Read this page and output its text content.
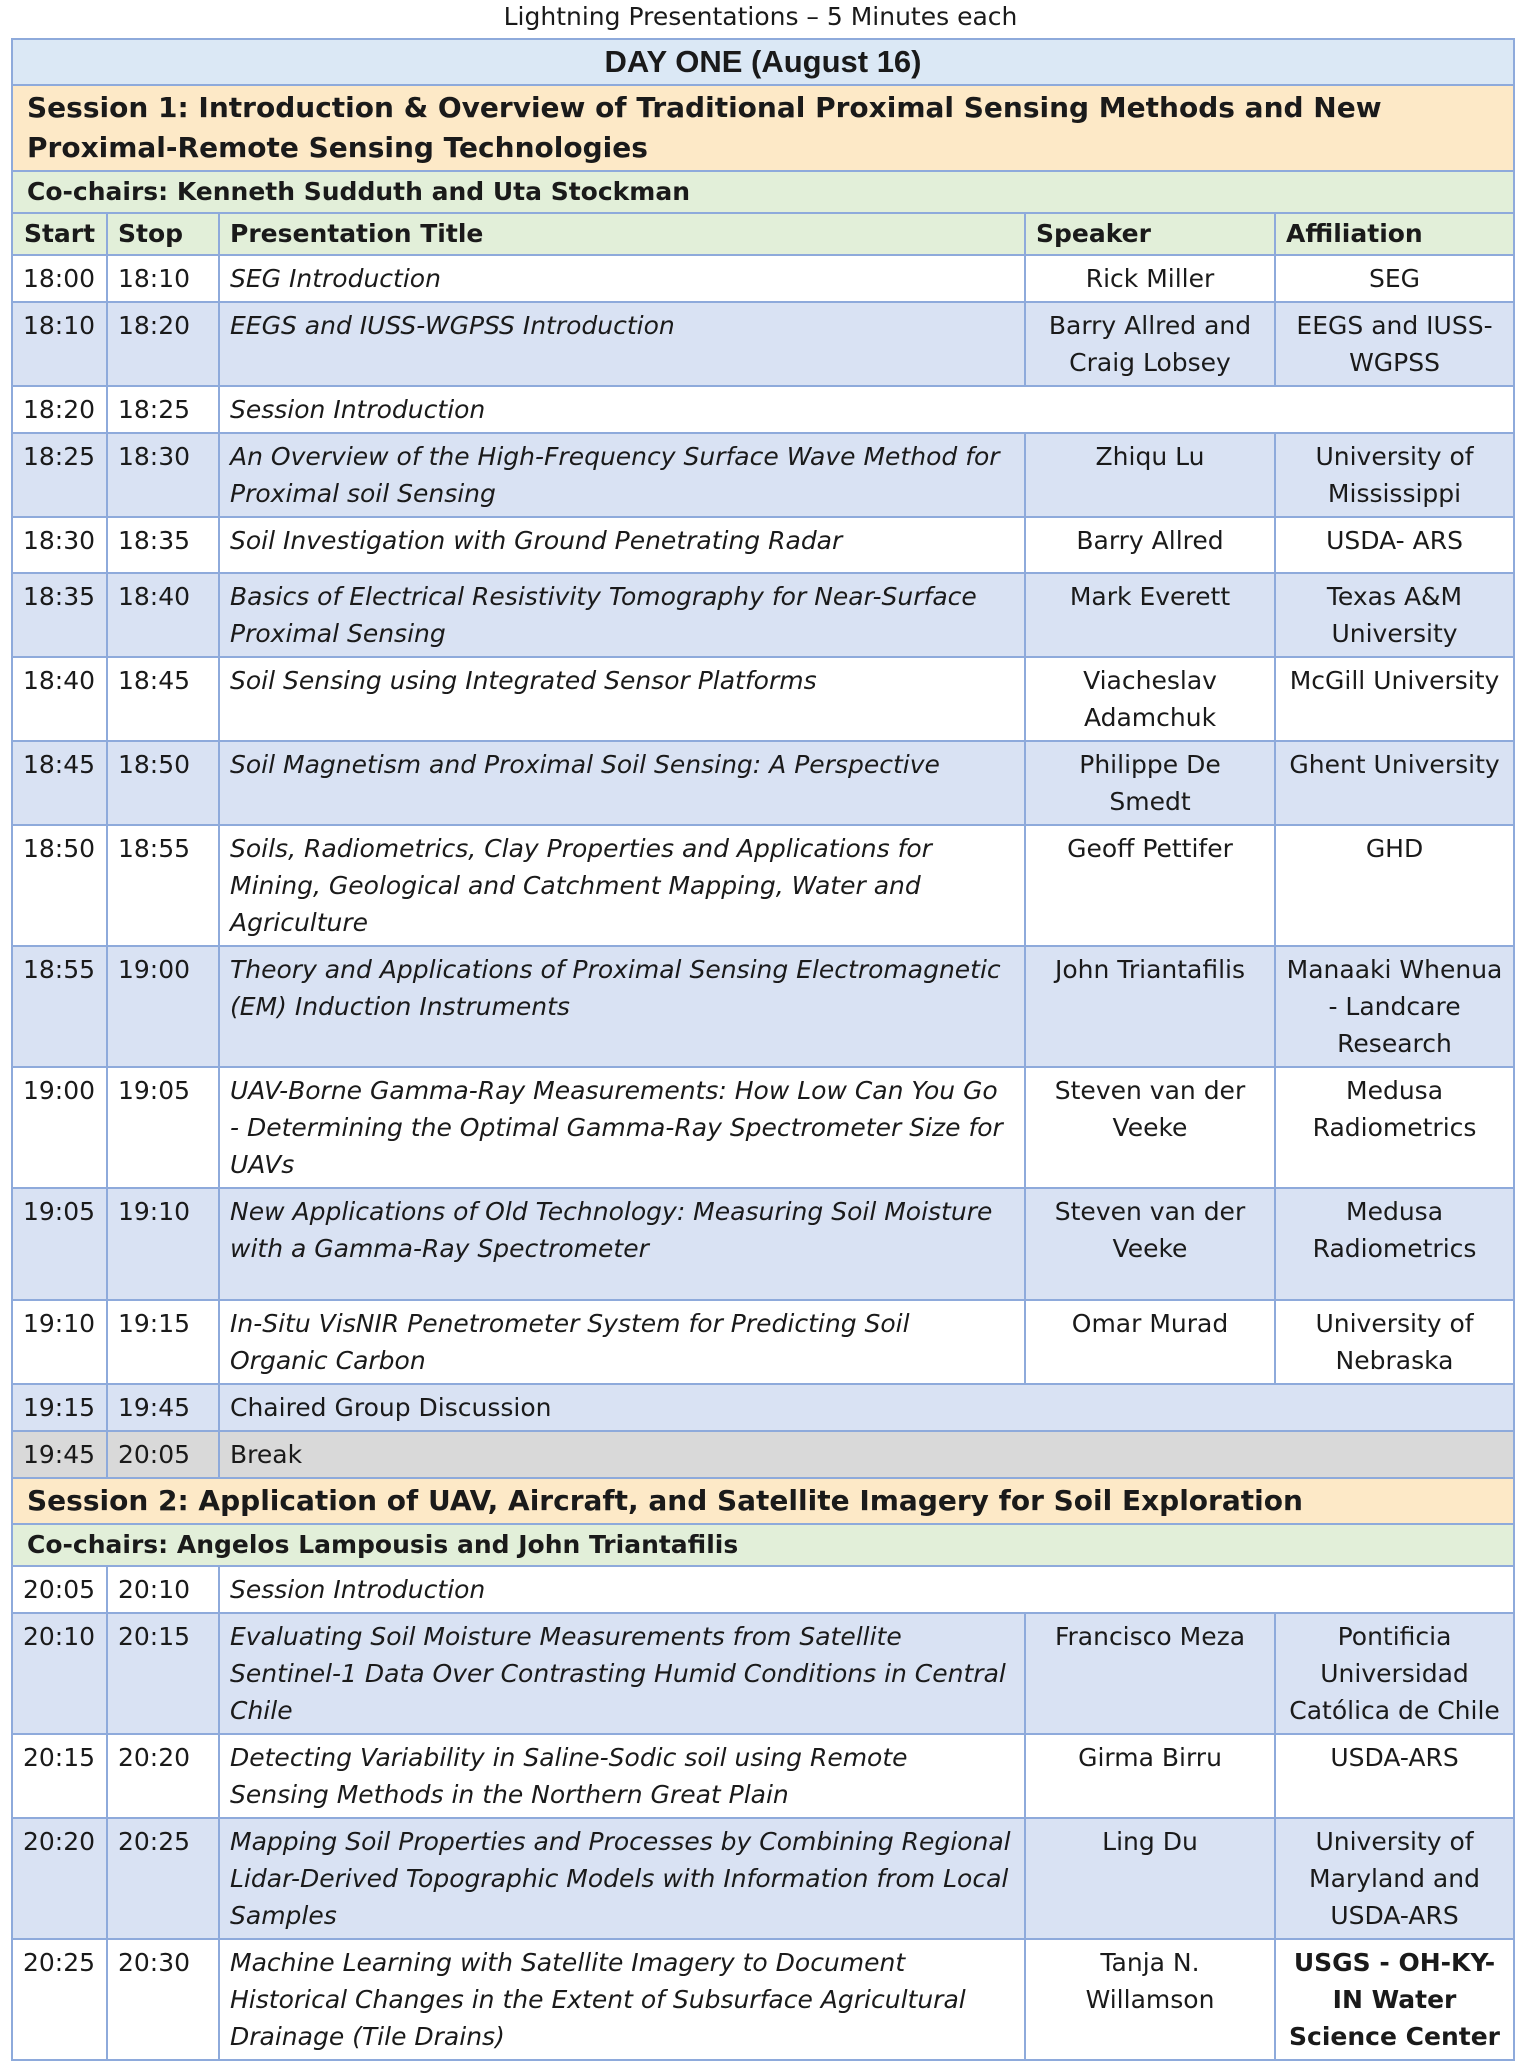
Lightning Presentations – 5 Minutes each
DAY ONE (August 16)				
Session 1: Introduction & Overview of Traditional Proximal Sensing Methods and New Proximal-Remote Sensing Technologies				
Co-chairs: Kenneth Sudduth and Uta Stockman				
Start	Stop	Presentation Title	Speaker	Affiliation
18:00	18:10	SEG Introduction	Rick Miller	SEG
18:10	18:20	EEGS and IUSS-WGPSS Introduction	Barry Allred and Craig Lobsey	EEGS and IUSS-WGPSS
18:20	18:25	Session Introduction		
18:25	18:30	An Overview of the High-Frequency Surface Wave Method for Proximal soil Sensing	Zhiqu Lu	University of Mississippi
18:30	18:35	Soil Investigation with Ground Penetrating Radar	Barry Allred	USDA- ARS
18:35	18:40	Basics of Electrical Resistivity Tomography for Near-Surface Proximal Sensing	Mark Everett	Texas A&M University
18:40	18:45	Soil Sensing using Integrated Sensor Platforms	Viacheslav Adamchuk	McGill University
18:45	18:50	Soil Magnetism and Proximal Soil Sensing: A Perspective	Philippe De Smedt	Ghent University
18:50	18:55	Soils, Radiometrics, Clay Properties and Applications for Mining, Geological and Catchment Mapping, Water and Agriculture	Geoff Pettifer	GHD
18:55	19:00	Theory and Applications of Proximal Sensing Electromagnetic (EM) Induction Instruments	John Triantafilis	Manaaki Whenua - Landcare Research
19:00	19:05	UAV-Borne Gamma-Ray Measurements: How Low Can You Go - Determining the Optimal Gamma-Ray Spectrometer Size for UAVs	Steven van der Veeke	Medusa Radiometrics
19:05	19:10	New Applications of Old Technology: Measuring Soil Moisture with a Gamma-Ray Spectrometer	Steven van der Veeke	Medusa Radiometrics
19:10	19:15	In-Situ VisNIR Penetrometer System for Predicting Soil Organic Carbon	Omar Murad	University of Nebraska
19:15	19:45	Chaired Group Discussion		
19:45	20:05	Break		
Session 2: Application of UAV, Aircraft, and Satellite Imagery for Soil Exploration				
Co-chairs: Angelos Lampousis and John Triantafilis				
20:05	20:10	Session Introduction		
20:10	20:15	Evaluating Soil Moisture Measurements from Satellite Sentinel-1 Data Over Contrasting Humid Conditions in Central Chile	Francisco Meza	Pontificia Universidad Católica de Chile
20:15	20:20	Detecting Variability in Saline-Sodic soil using Remote Sensing Methods in the Northern Great Plain	Girma Birru	USDA-ARS
20:20	20:25	Mapping Soil Properties and Processes by Combining Regional Lidar-Derived Topographic Models with Information from Local Samples	Ling Du	University of Maryland and USDA-ARS
20:25	20:30	Machine Learning with Satellite Imagery to Document Historical Changes in the Extent of Subsurface Agricultural Drainage (Tile Drains)	Tanja N. Willamson	USGS - OH-KY-IN Water Science Center
